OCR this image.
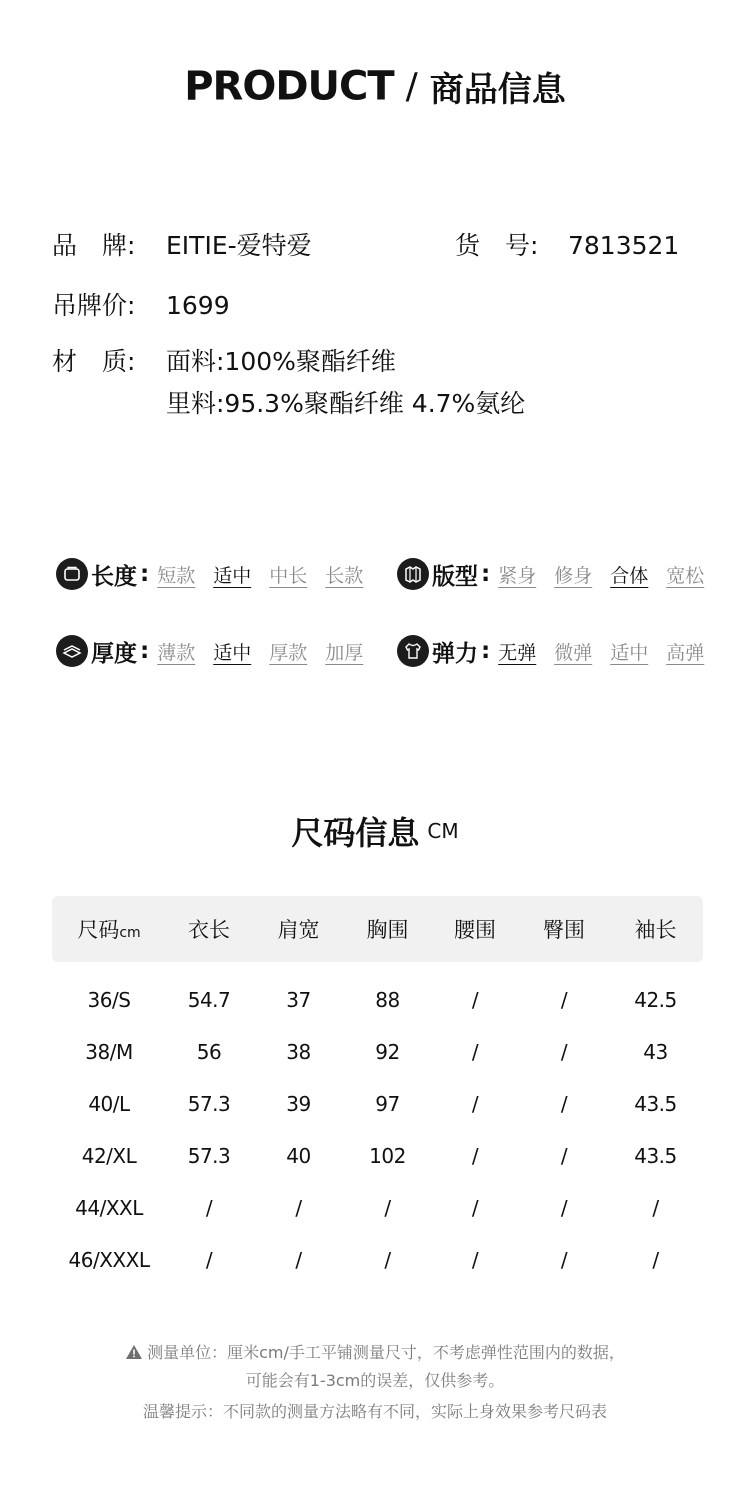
PRODUCT / 商品信息
品　牌: EITIE-爱特爱	货　号: 7813521
吊牌价: 1699
材　质: 面料:100%聚酯纤维
里料:95.3%聚酯纤维 4.7%氨纶
长度 : 短款 适中 中长 长款	版型 : 紧身 修身 合体 宽松
厚度 : 薄款 适中 厚款 加厚	弹力 : 无弹 微弹 适中 高弹
尺码信息 CM
尺码cm	衣长	肩宽	胸围	腰围	臀围	袖长
36/S	54.7	37	88	/	/	42.5
38/M	56	38	92	/	/	43
40/L	57.3	39	97	/	/	43.5
42/XL	57.3	40	102	/	/	43.5
44/XXL	/	/	/	/	/	/
46/XXXL	/	/	/	/	/	/
测量单位：厘米cm/手工平铺测量尺寸，不考虑弹性范围内的数据，
可能会有1-3cm的误差，仅供参考。
温馨提示：不同款的测量方法略有不同，实际上身效果参考尺码表
